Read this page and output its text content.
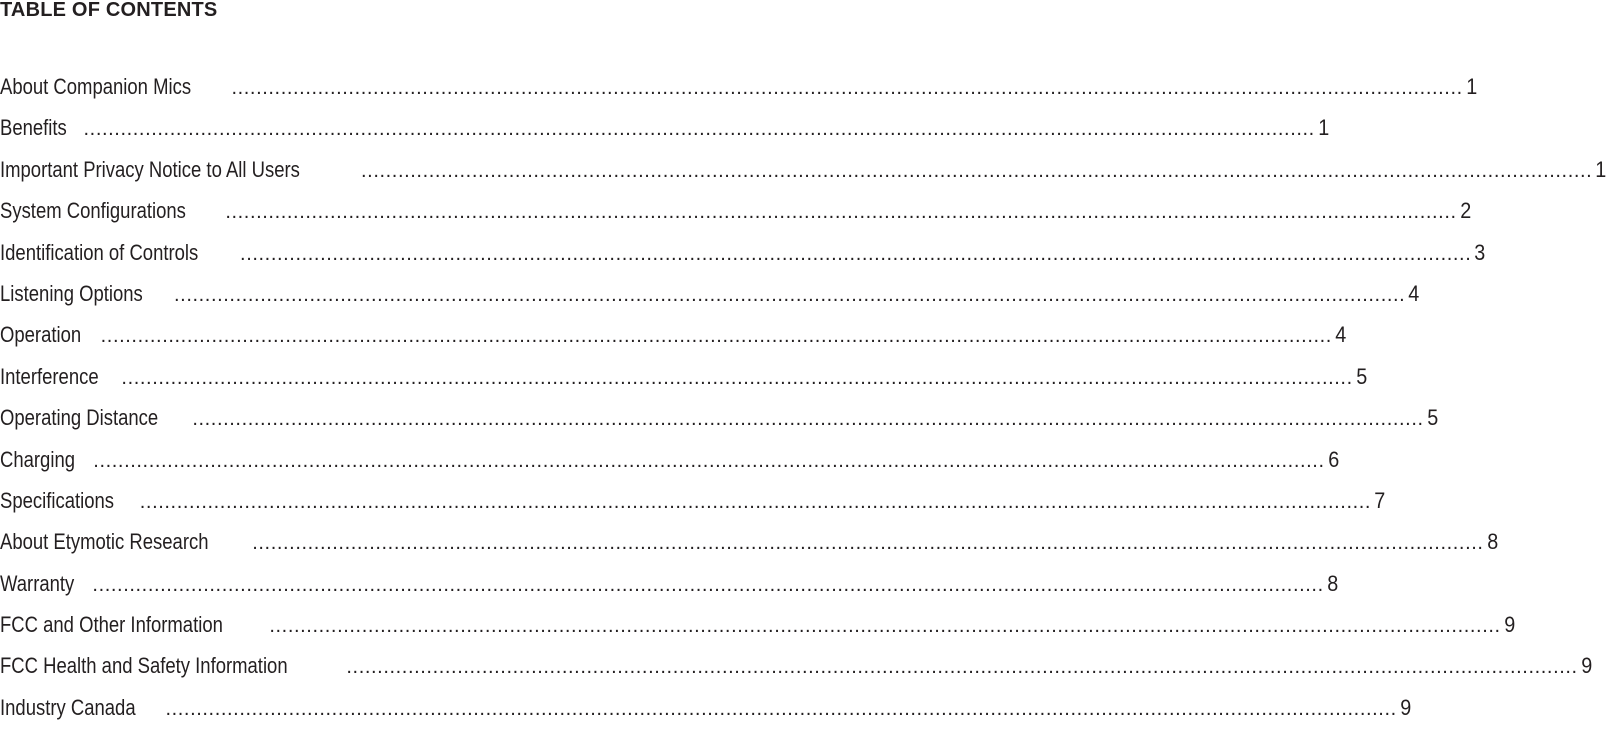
TABLE OF CONTENTS
About Companion Mics ........................................................................................................................................................................................................ 1
Benefits ........................................................................................................................................................................................................ 1
Important Privacy Notice to All Users	........................................................................................................................................................................................................ 1
System Configurations ........................................................................................................................................................................................................ 2
Identification of Controls ........................................................................................................................................................................................................ 3
Listening Options ........................................................................................................................................................................................................ 4
Operation ........................................................................................................................................................................................................ 4
Interference ........................................................................................................................................................................................................ 5
Operating Distance ........................................................................................................................................................................................................ 5
Charging ........................................................................................................................................................................................................ 6
Specifications ........................................................................................................................................................................................................ 7
About Etymotic Research ........................................................................................................................................................................................................ 8
Warranty ........................................................................................................................................................................................................ 8
FCC and Other Information ........................................................................................................................................................................................................ 9
FCC Health and Safety Information	........................................................................................................................................................................................................ 9
Industry Canada ........................................................................................................................................................................................................ 9
